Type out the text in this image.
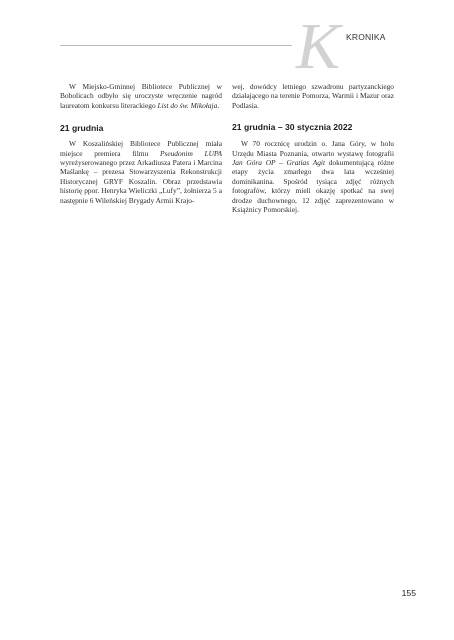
K KRONIKA

W Miejsko-Gminnej Bibliotece Publicznej w Bobolicach odbyło się uroczyste wręczenie nagród laureatom konkursu literackiego List do św. Mikołaja.

21 grudnia

W Koszalińskiej Bibliotece Publicznej miała miejsce premiera filmu Pseudonim LUPA wyreżyserowanego przez Arkadiusza Patera i Marcina Maślankę – prezesa Stowarzyszenia Rekonstrukcji Historycznej GRYF Koszalin. Obraz przedstawia historię ppor. Henryka Wieliczki „Lufy”, żołnierza 5 a następnie 6 Wileńskiej Brygady Armii Krajo-

wej, dowódcy letniego szwadronu partyzanckiego działającego na terenie Pomorza, Warmii i Mazur oraz Podlasia.

21 grudnia – 30 stycznia 2022

W 70 rocznicę urodzin o. Jana Góry, w holu Urzędu Miasta Poznania, otwarto wystawę fotografii Jan Góra OP – Gratias Agit dokumentującą różne etapy życia zmarłego dwa lata wcześniej dominikanina. Spośród tysiąca zdjęć różnych fotografów, którzy mieli okazję spotkać na swej drodze duchownego, 12 zdjęć zaprezentowano w Książnicy Pomorskiej.

155
